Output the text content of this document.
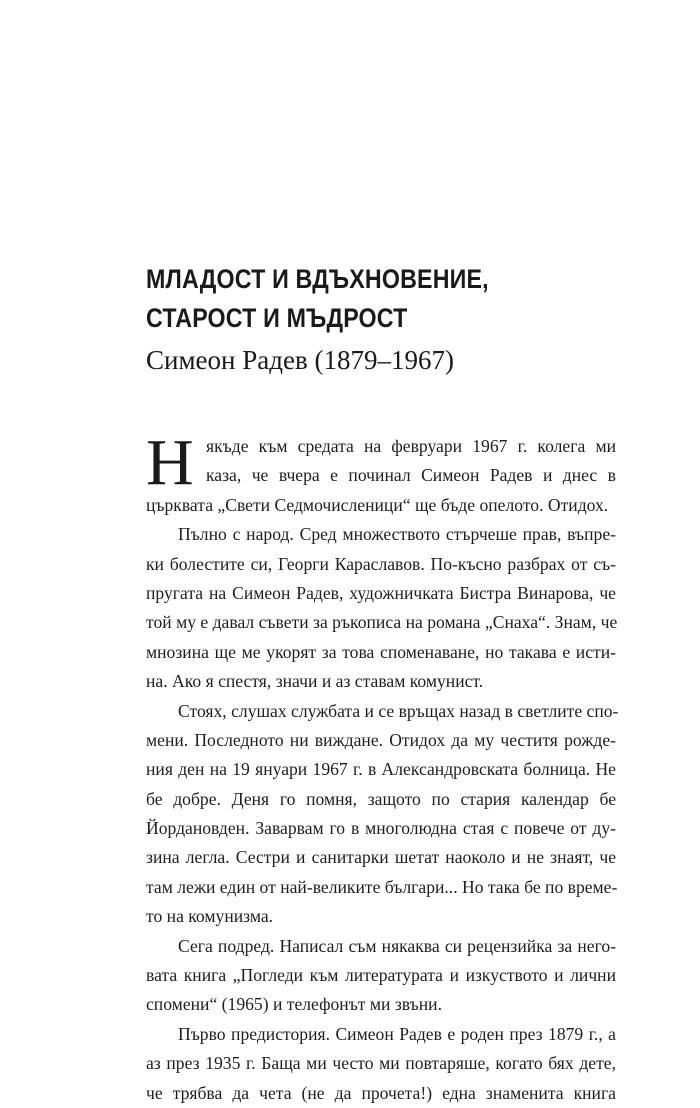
МЛАДОСТ И ВДЪХНОВЕНИЕ,
СТАРОСТ И МЪДРОСТ
Симеон Радев (1879–1967)
Н якъде към средата на февруари 1967 г. колега ми
каза, че вчера е починал Симеон Радев и днес в
църквата „Свети Седмочисленици“ ще бъде опелото. Отидох.
Пълно с народ. Сред множеството стърчеше прав, въпре-
ки болестите си, Георги Караславов. По-късно разбрах от съ-
пругата на Симеон Радев, художничката Бистра Винарова, че
той му е давал съвети за ръкописа на романа „Снаха“. Знам, че
мнозина ще ме укорят за това споменаване, но такава е исти-
на. Ако я спестя, значи и аз ставам комунист.
Стоях, слушах службата и се връщах назад в светлите спо-
мени. Последното ни виждане. Отидох да му честитя рожде-
ния ден на 19 януари 1967 г. в Александровската болница. Не
бе добре. Деня го помня, защото по стария календар бе
Йордановден. Заварвам го в многолюдна стая с повече от ду-
зина легла. Сестри и санитарки шетат наоколо и не знаят, че
там лежи един от най-великите българи... Но така бе по време-
то на комунизма.
Сега подред. Написал съм някаква си рецензийка за него-
вата книга „Погледи към литературата и изкуството и лични
спомени“ (1965) и телефонът ми звъни.
Първо предистория. Симеон Радев е роден през 1879 г., а
аз през 1935 г. Баща ми често ми повтаряше, когато бях дете,
че трябва да чета (не да прочета!) една знаменита книга
